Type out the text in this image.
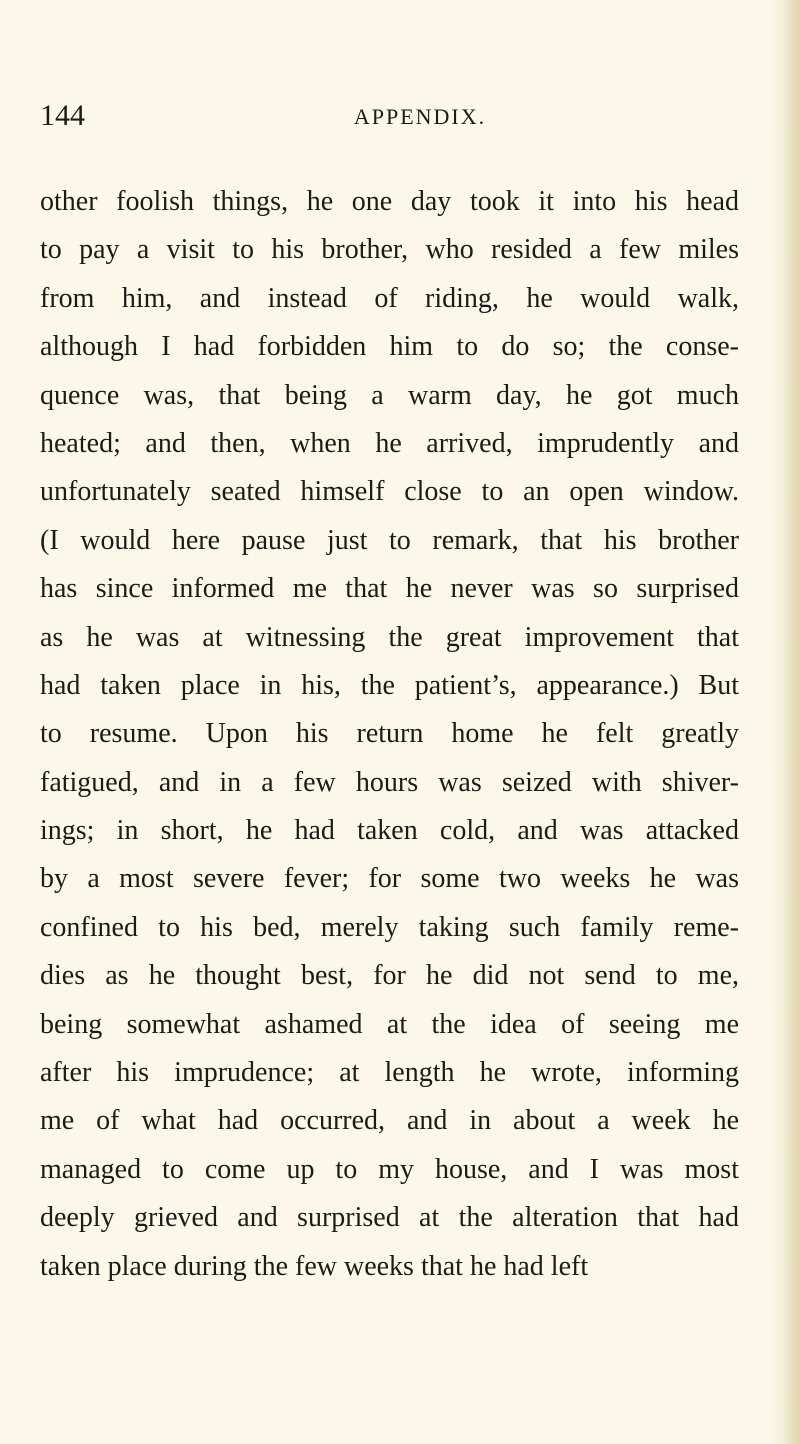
144	APPENDIX.
other foolish things, he one day took it into his head
to pay a visit to his brother, who resided a few miles
from him, and instead of riding, he would walk,
although I had forbidden him to do so; the conse-
quence was, that being a warm day, he got much
heated; and then, when he arrived, imprudently and
unfortunately seated himself close to an open window.
(I would here pause just to remark, that his brother
has since informed me that he never was so surprised
as he was at witnessing the great improvement that
had taken place in his, the patient’s, appearance.) But
to resume. Upon his return home he felt greatly
fatigued, and in a few hours was seized with shiver-
ings; in short, he had taken cold, and was attacked
by a most severe fever; for some two weeks he was
confined to his bed, merely taking such family reme-
dies as he thought best, for he did not send to me,
being somewhat ashamed at the idea of seeing me
after his imprudence; at length he wrote, informing
me of what had occurred, and in about a week he
managed to come up to my house, and I was most
deeply grieved and surprised at the alteration that had
taken place during the few weeks that he had left
